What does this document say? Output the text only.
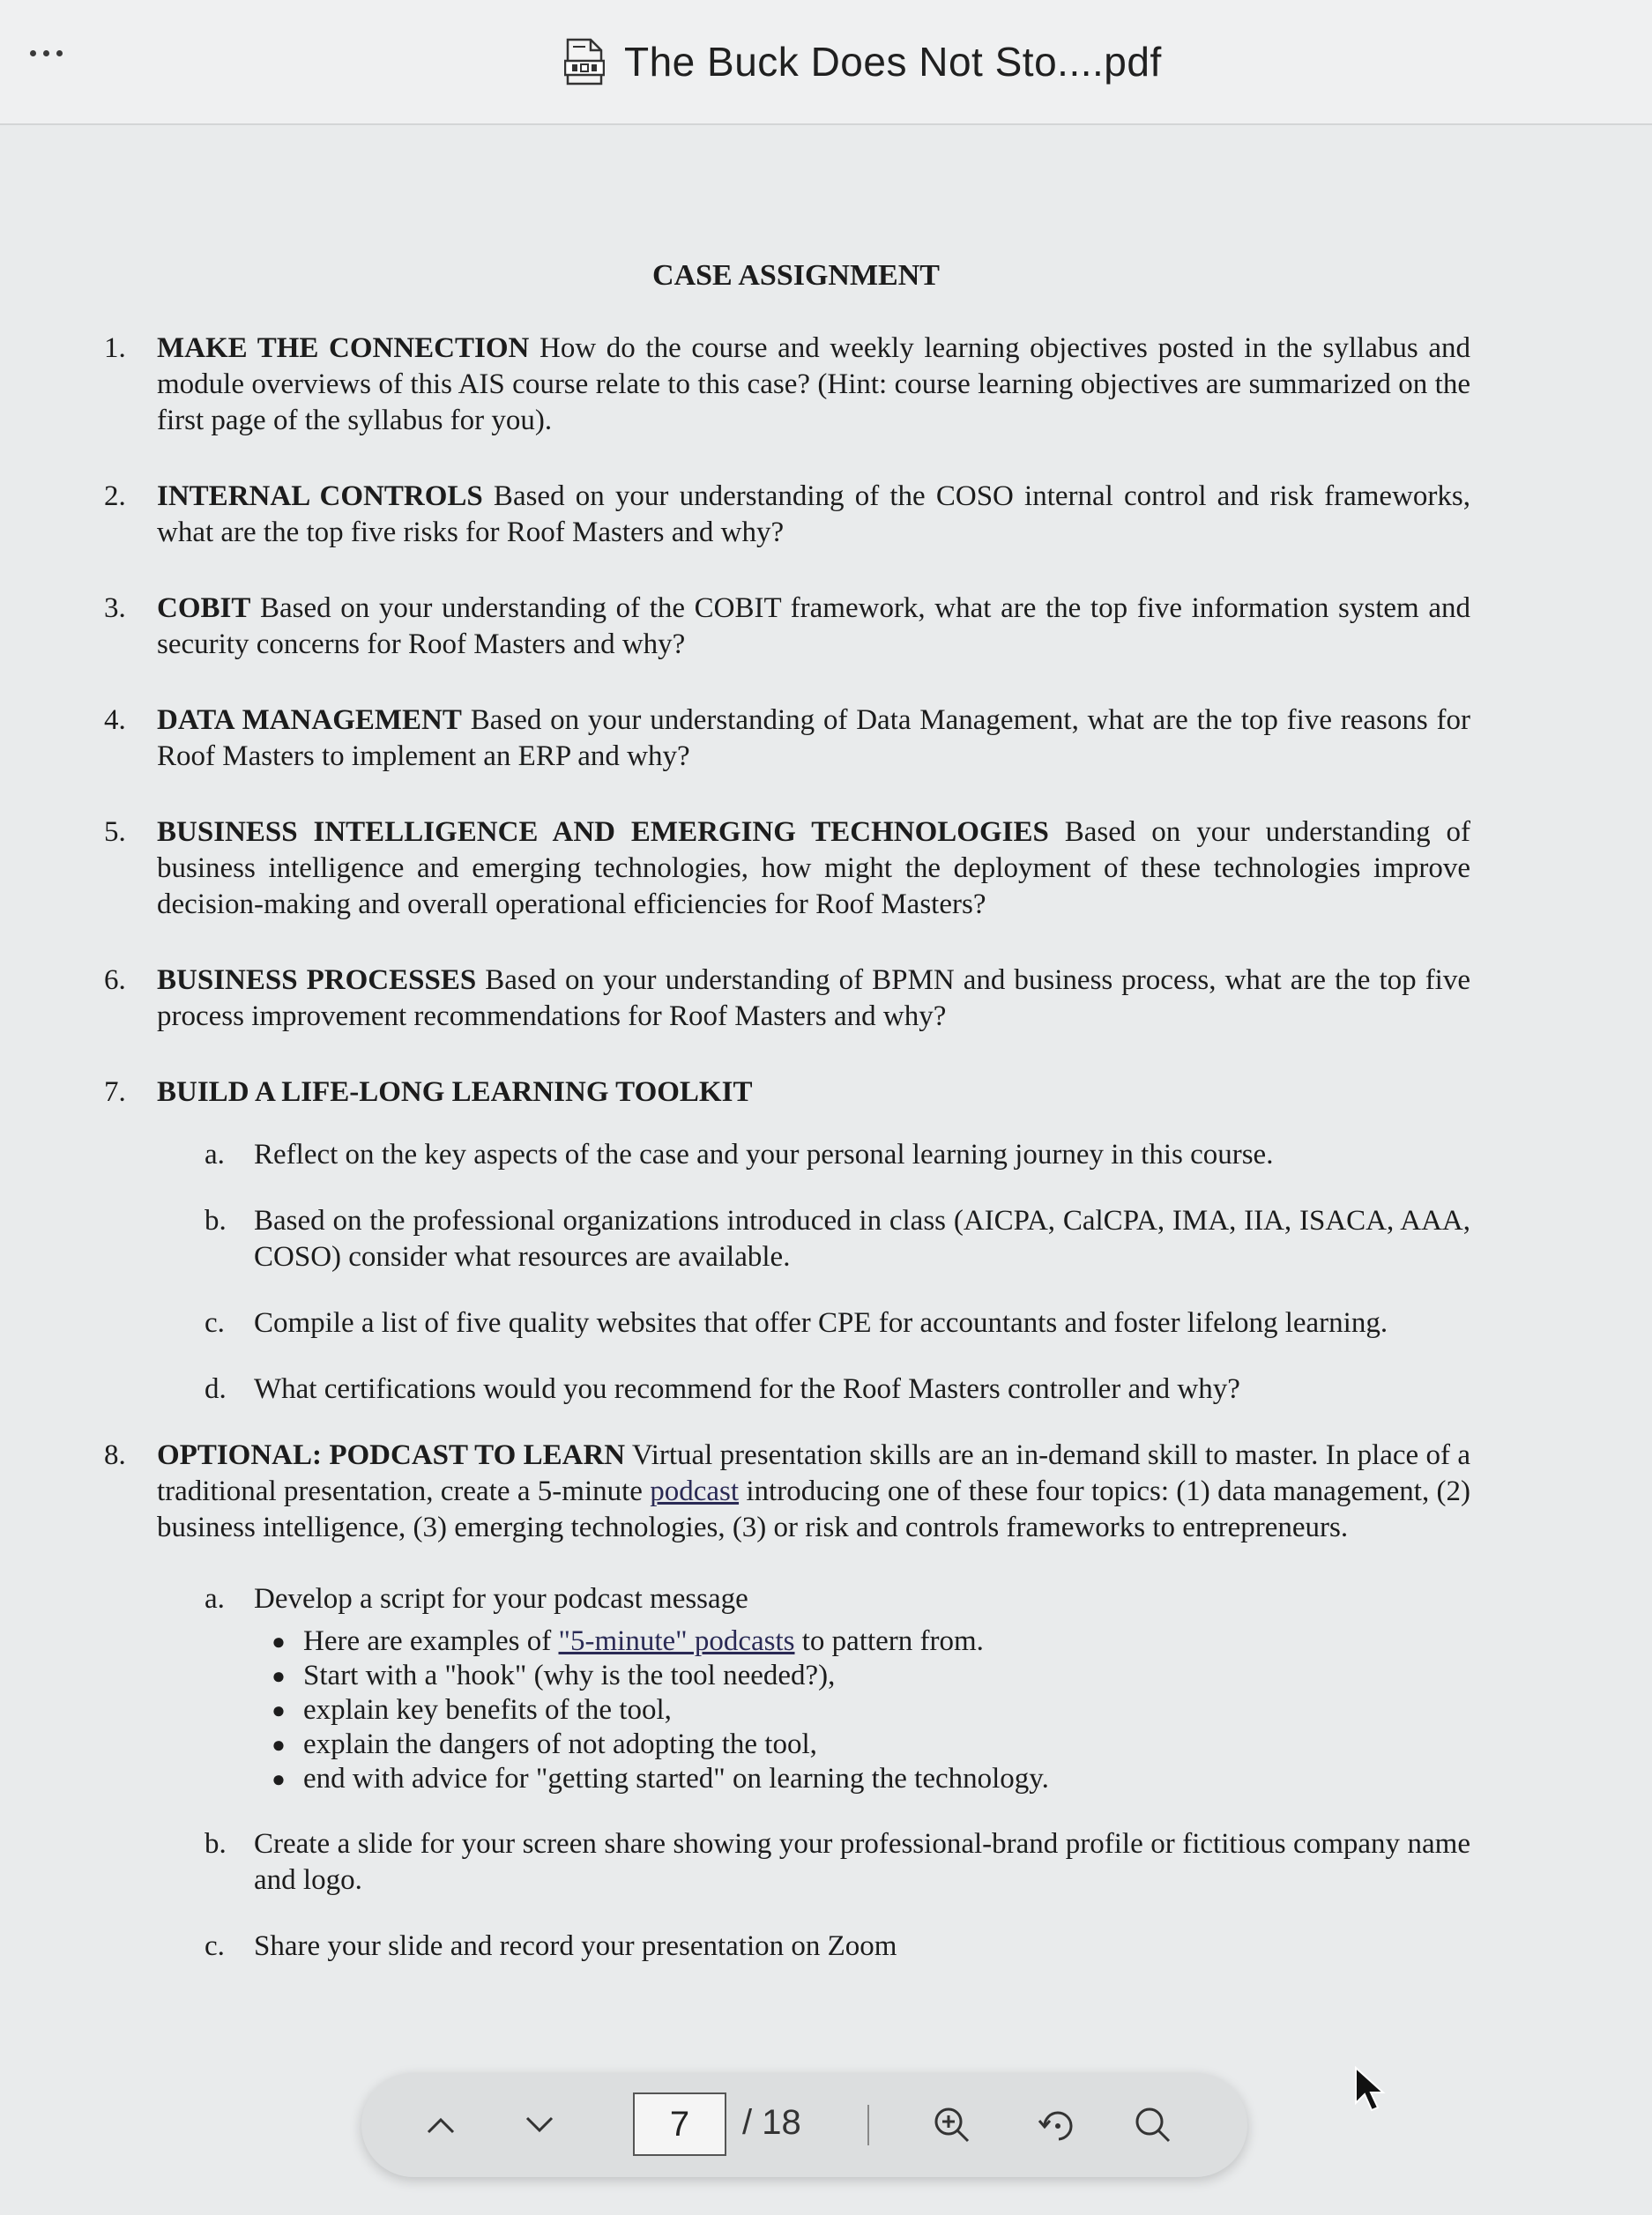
The Buck Does Not Sto....pdf
CASE ASSIGNMENT
1.	MAKE THE CONNECTION How do the course and weekly learning objectives posted in the syllabus and module overviews of this AIS course relate to this case? (Hint: course learning objectives are summarized on the first page of the syllabus for you).
2.	INTERNAL CONTROLS Based on your understanding of the COSO internal control and risk frameworks, what are the top five risks for Roof Masters and why?
3.	COBIT Based on your understanding of the COBIT framework, what are the top five information system and security concerns for Roof Masters and why?
4.	DATA MANAGEMENT Based on your understanding of Data Management, what are the top five reasons for Roof Masters to implement an ERP and why?
5.	BUSINESS INTELLIGENCE AND EMERGING TECHNOLOGIES Based on your understanding of business intelligence and emerging technologies, how might the deployment of these technologies improve decision-making and overall operational efficiencies for Roof Masters?
6.	BUSINESS PROCESSES Based on your understanding of BPMN and business process, what are the top five process improvement recommendations for Roof Masters and why?
7.	BUILD A LIFE-LONG LEARNING TOOLKIT
a.	Reflect on the key aspects of the case and your personal learning journey in this course.
b. Based on the professional organizations introduced in class (AICPA, CalCPA, IMA, IIA, ISACA, AAA, COSO) consider what resources are available.
c.	Compile a list of five quality websites that offer CPE for accountants and foster lifelong learning.
d. What certifications would you recommend for the Roof Masters controller and why?
8.	OPTIONAL: PODCAST TO LEARN Virtual presentation skills are an in-demand skill to master. In place of a traditional presentation, create a 5-minute podcast introducing one of these four topics: (1) data management, (2) business intelligence, (3) emerging technologies, (3) or risk and controls frameworks to entrepreneurs.
a.	Develop a script for your podcast message
● Here are examples of "5-minute" podcasts to pattern from.
● Start with a "hook" (why is the tool needed?),
● explain key benefits of the tool,
● explain the dangers of not adopting the tool,
● end with advice for "getting started" on learning the technology.
b. Create a slide for your screen share showing your professional-brand profile or fictitious company name and logo.
c.	Share your slide and record your presentation on Zoom
7	/ 18
